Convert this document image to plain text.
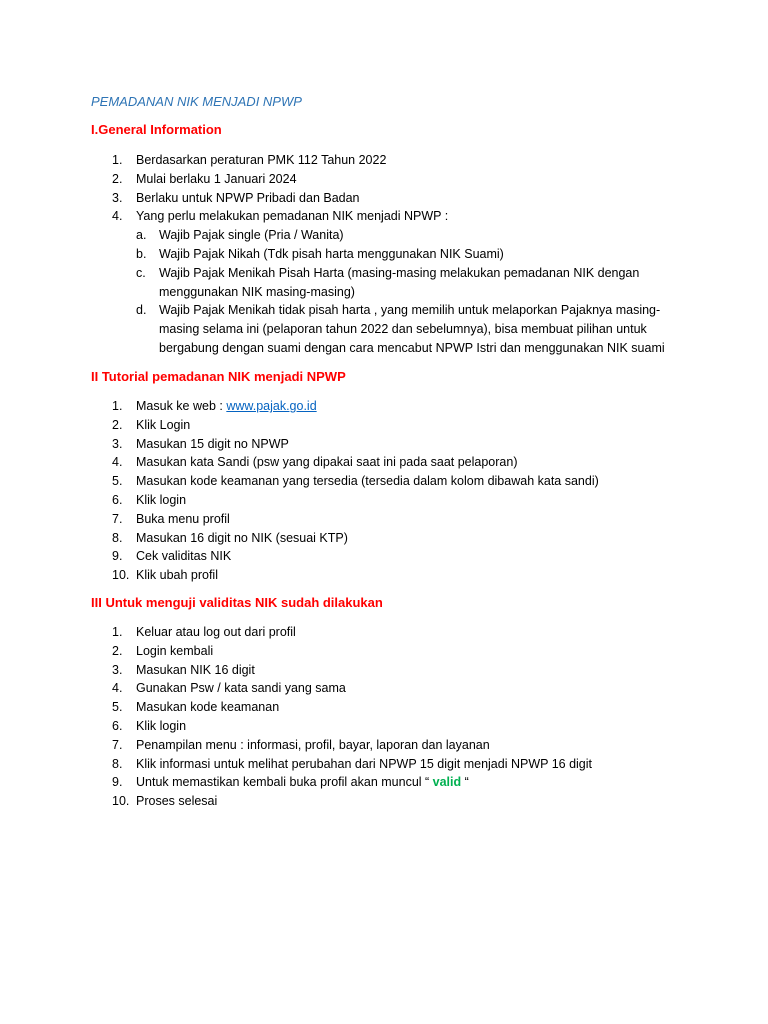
PEMADANAN NIK MENJADI NPWP
I.General Information
1. Berdasarkan peraturan PMK 112 Tahun 2022
2. Mulai berlaku 1 Januari 2024
3. Berlaku untuk NPWP Pribadi dan Badan
4. Yang perlu melakukan pemadanan NIK menjadi NPWP :
a. Wajib Pajak single (Pria / Wanita)
b. Wajib Pajak Nikah (Tdk pisah harta menggunakan NIK Suami)
c. Wajib Pajak Menikah Pisah Harta (masing-masing melakukan pemadanan NIK dengan menggunakan NIK masing-masing)
d. Wajib Pajak Menikah tidak pisah harta , yang memilih untuk melaporkan Pajaknya masing-masing selama ini (pelaporan tahun 2022 dan sebelumnya), bisa membuat pilihan untuk bergabung dengan suami dengan cara mencabut NPWP Istri dan menggunakan NIK suami
II Tutorial pemadanan NIK menjadi NPWP
1. Masuk ke web : www.pajak.go.id
2. Klik Login
3. Masukan 15 digit no NPWP
4. Masukan kata Sandi (psw yang dipakai saat ini pada saat pelaporan)
5. Masukan kode keamanan yang tersedia (tersedia dalam kolom dibawah kata sandi)
6. Klik login
7. Buka menu profil
8. Masukan 16 digit no NIK (sesuai KTP)
9. Cek validitas NIK
10. Klik ubah profil
III Untuk menguji validitas NIK sudah dilakukan
1. Keluar atau log out dari profil
2. Login kembali
3. Masukan NIK 16 digit
4. Gunakan Psw / kata sandi yang sama
5. Masukan kode keamanan
6. Klik login
7. Penampilan menu : informasi, profil, bayar, laporan dan layanan
8. Klik informasi untuk melihat perubahan dari NPWP 15 digit menjadi NPWP 16 digit
9. Untuk memastikan kembali buka profil akan muncul “ valid “
10. Proses selesai
